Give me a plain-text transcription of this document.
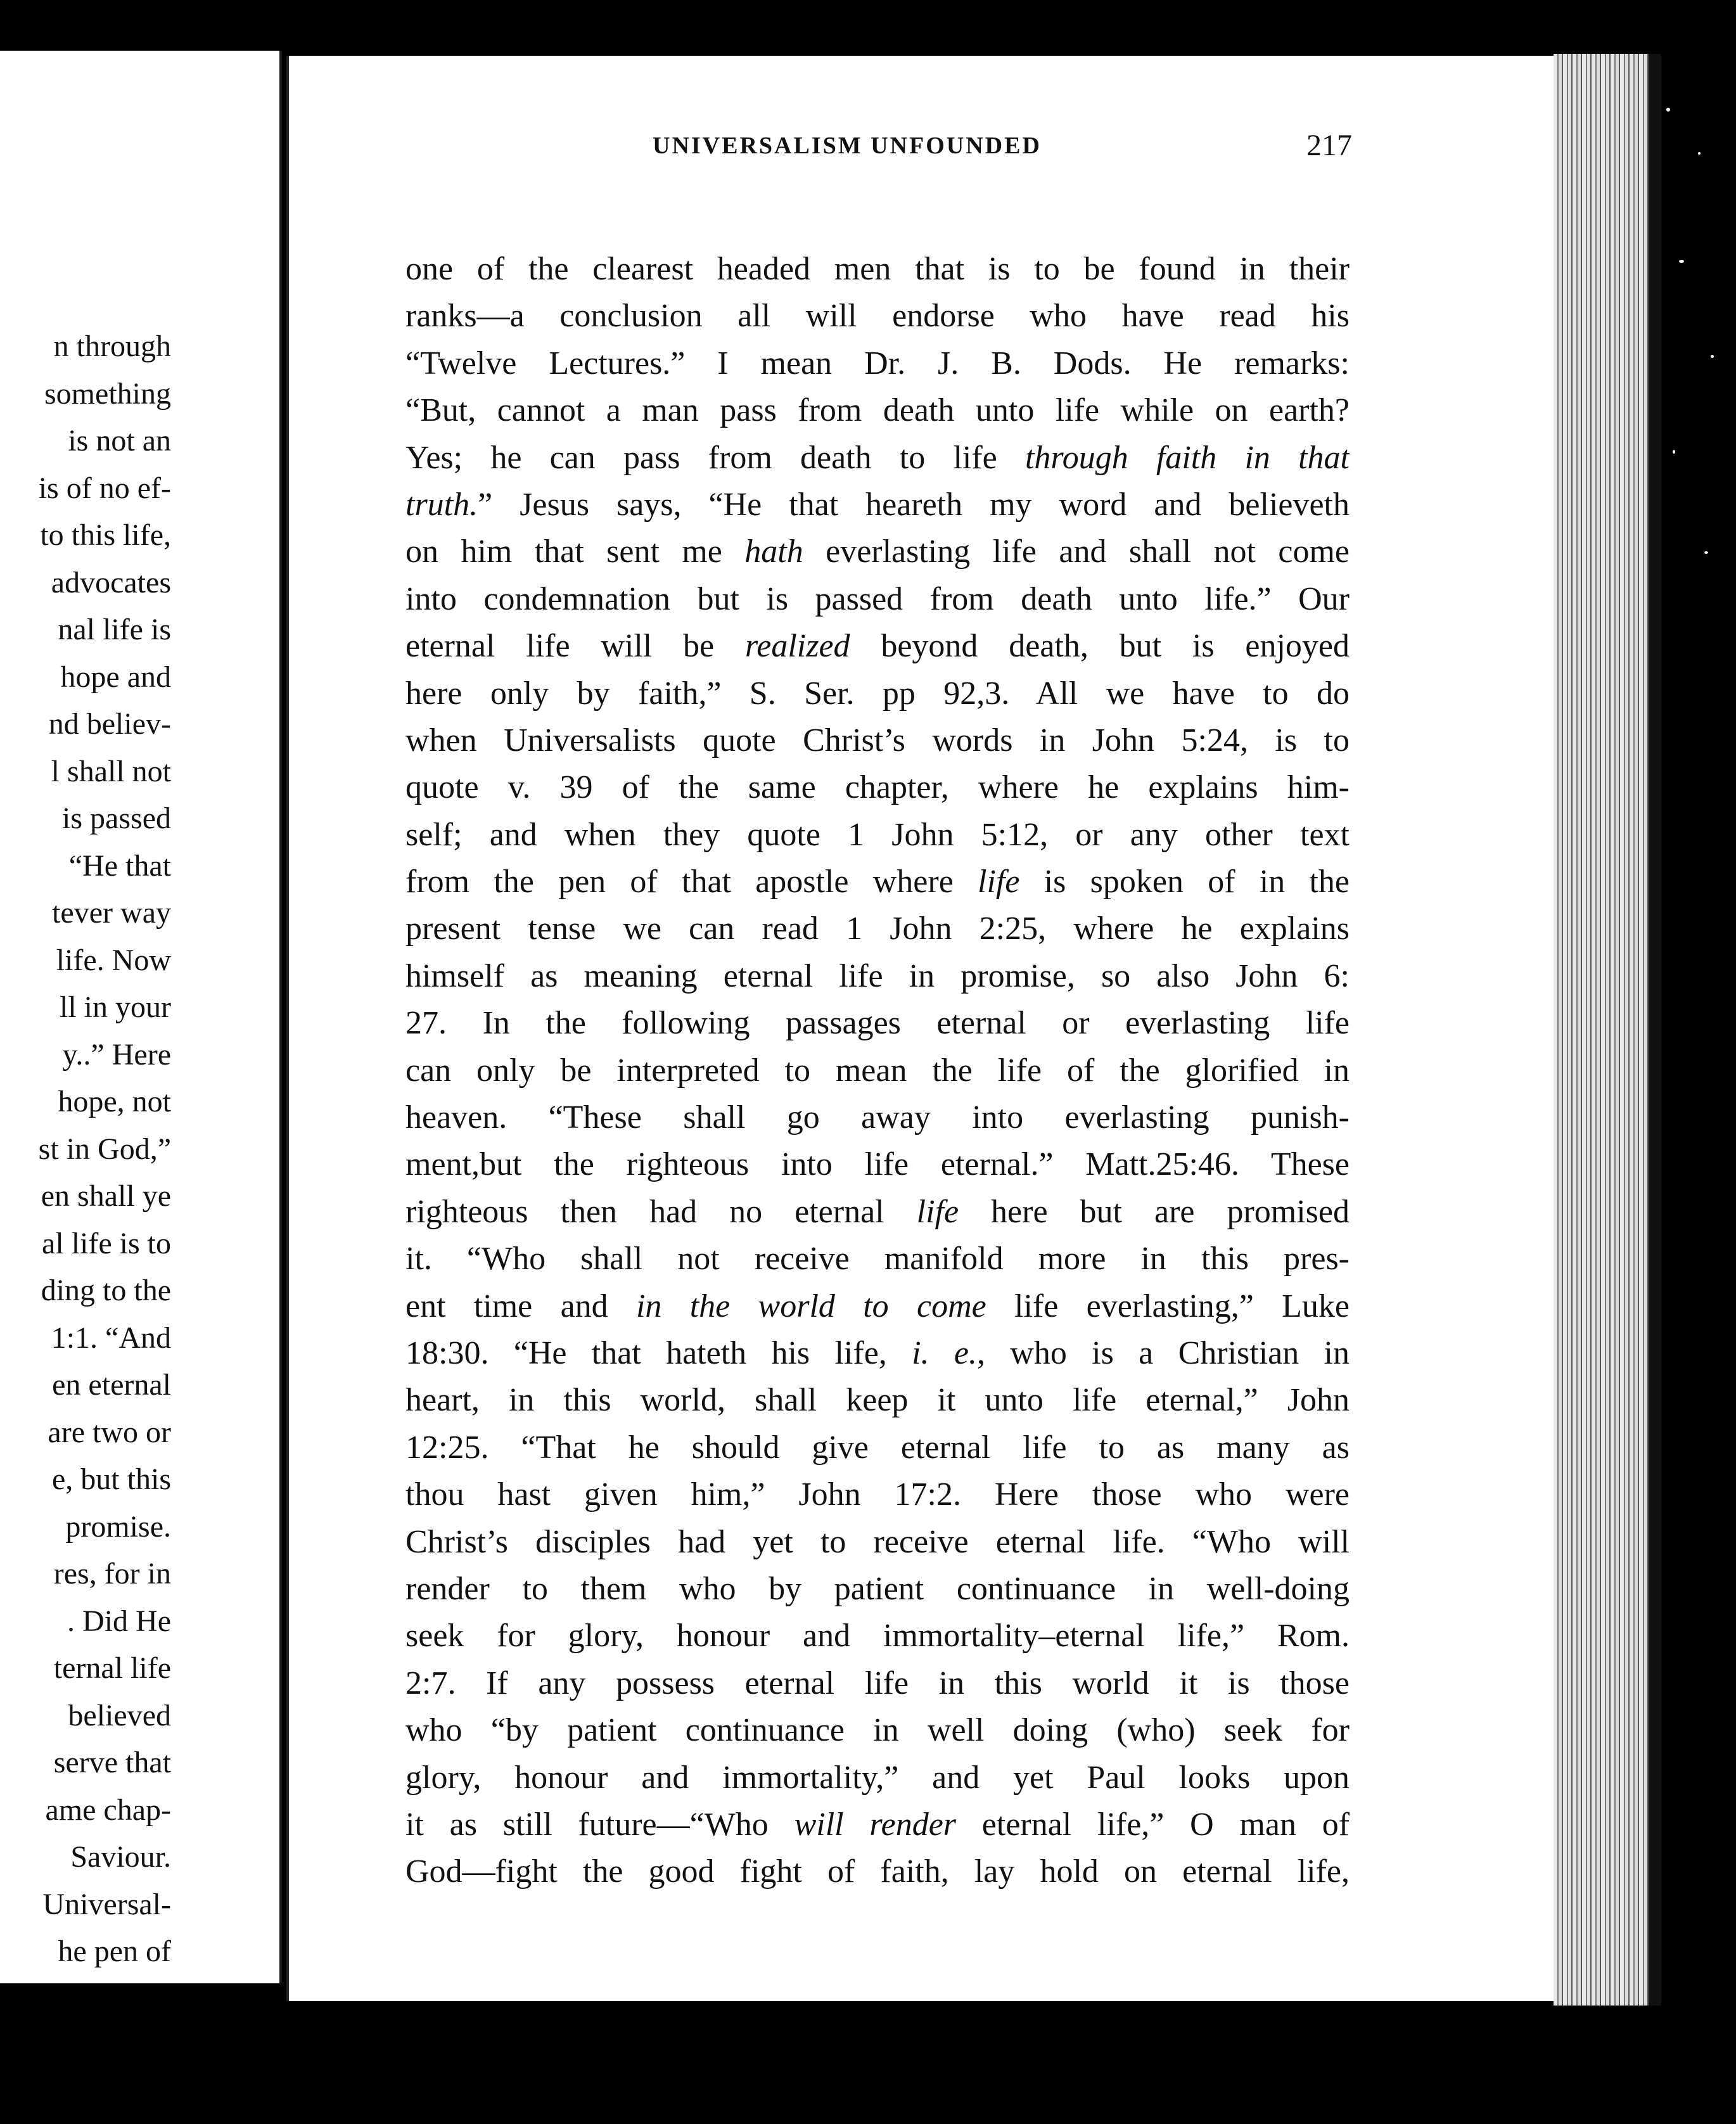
n through
something
is not an
is of no ef-
to this life,
advocates
nal life is
hope and
nd believ-
l shall not
is passed
“He that
tever way
life. Now
ll in your
y..” Here
hope, not
st in God,”
en shall ye
al life is to
ding to the
1:1. “And
en eternal
are two or
e, but this
promise.
res, for in
. Did He
ternal life
believed
serve that
ame chap-
Saviour.
Universal-
he pen of
UNIVERSALISM UNFOUNDED	217
one of the clearest headed men that is to be found in their
ranks—a conclusion all will endorse who have read his
“Twelve Lectures.” I mean Dr. J. B. Dods. He remarks:
“But, cannot a man pass from death unto life while on earth?
Yes; he can pass from death to life through faith in that
truth.” Jesus says, “He that heareth my word and believeth
on him that sent me hath everlasting life and shall not come
into condemnation but is passed from death unto life.” Our
eternal life will be realized beyond death, but is enjoyed
here only by faith,” S. Ser. pp 92,3. All we have to do
when Universalists quote Christ’s words in John 5:24, is to
quote v. 39 of the same chapter, where he explains him-
self; and when they quote 1 John 5:12, or any other text
from the pen of that apostle where life is spoken of in the
present tense we can read 1 John 2:25, where he explains
himself as meaning eternal life in promise, so also John 6:
27. In the following passages eternal or everlasting life
can only be interpreted to mean the life of the glorified in
heaven. “These shall go away into everlasting punish-
ment,but the righteous into life eternal.” Matt.25:46. These
righteous then had no eternal life here but are promised
it. “Who shall not receive manifold more in this pres-
ent time and in the world to come life everlasting,” Luke
18:30. “He that hateth his life, i. e., who is a Christian in
heart, in this world, shall keep it unto life eternal,” John
12:25. “That he should give eternal life to as many as
thou hast given him,” John 17:2. Here those who were
Christ’s disciples had yet to receive eternal life. “Who will
render to them who by patient continuance in well-doing
seek for glory, honour and immortality–eternal life,” Rom.
2:7. If any possess eternal life in this world it is those
who “by patient continuance in well doing (who) seek for
glory, honour and immortality,” and yet Paul looks upon
it as still future—“Who will render eternal life,” O man of
God—fight the good fight of faith, lay hold on eternal life,
